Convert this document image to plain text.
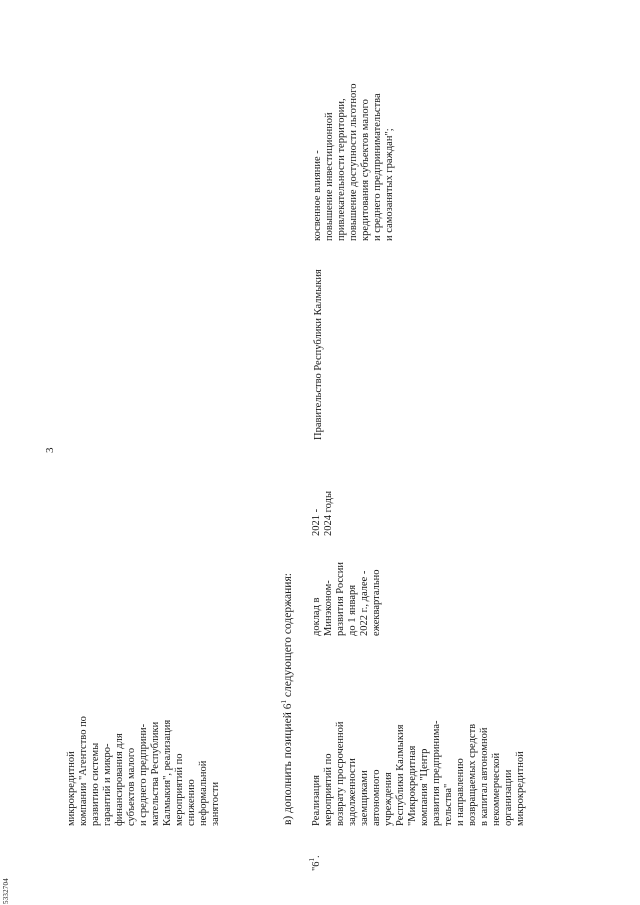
3
5332704
микрокредитной компании "Агентство по развитию системы гарантий и микро- финансирования для субъектов малого и среднего предприни- мательства Республики Калмыкия", реализация мероприятий по снижению неформальной занятости	в) дополнить позицией $6^1$ следующего содержания:
"$6^1$.
Реализация мероприятий по возврату просроченной задолженности заемщиками автономного учреждения Республики Калмыкия "Микрокредитная компания "Центр развития предпринима- тельства" и направлению возвращаемых средств в капитал автономной некоммерческой организации микрокредитной
доклад в Минэконом- развития России до 1 января 2022 г., далее - ежеквартально
2021 - 2024 годы
Правительство Республики Калмыкия
косвенное влияние - повышение инвестиционной привлекательности территории, повышение доступности льготного кредитования субъектов малого и среднего предпринимательства и самозанятых граждан";
